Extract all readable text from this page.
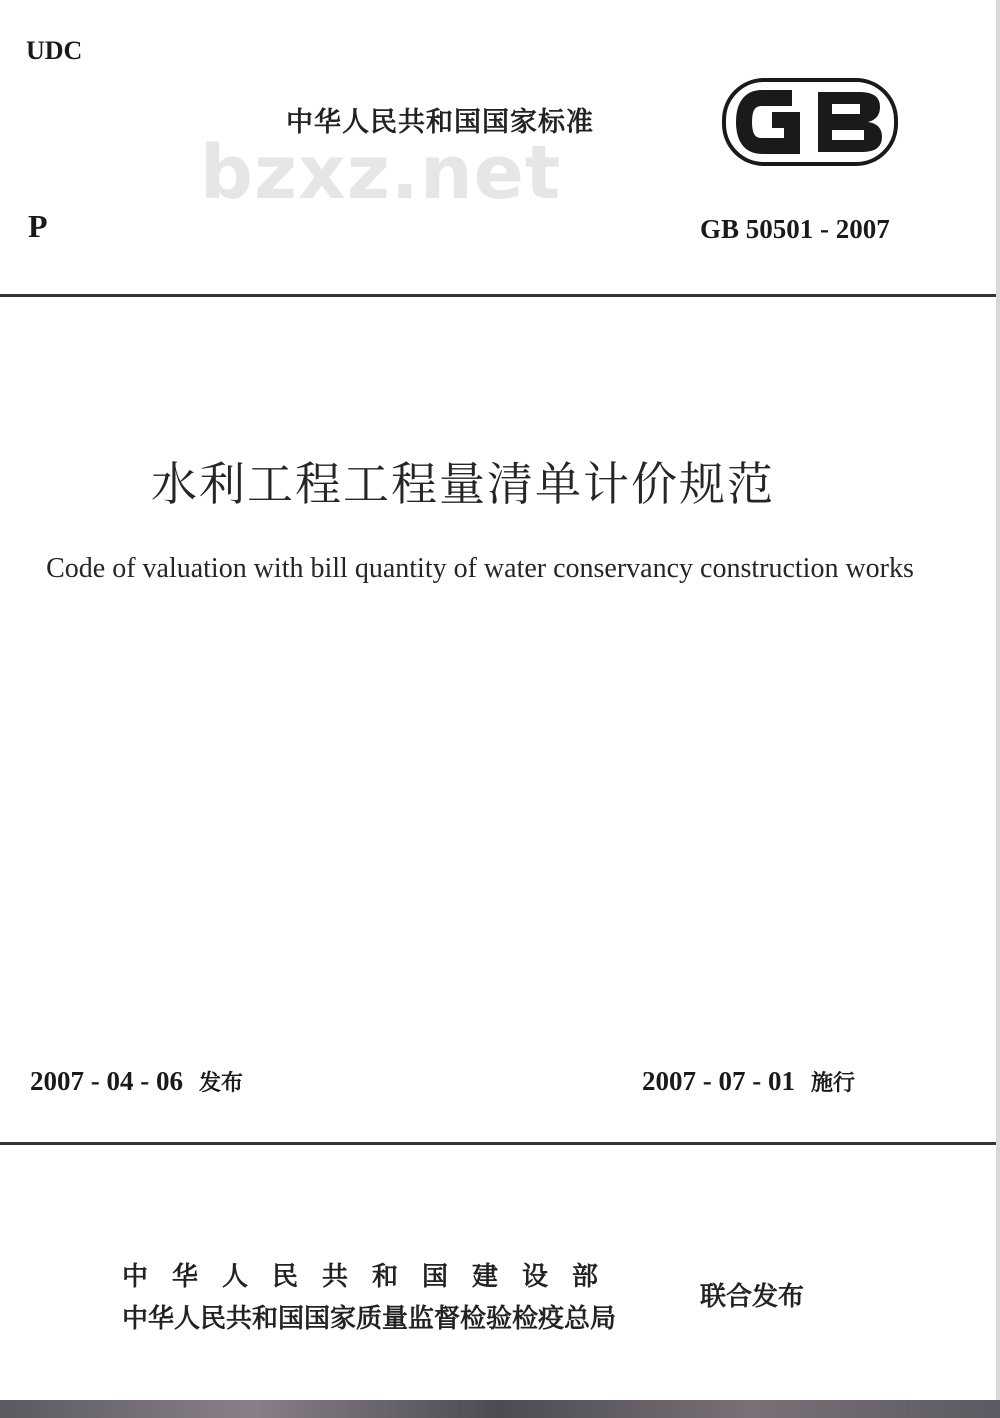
UDC
中华人民共和国国家标准
bzxz.net
P	GB 50501 - 2007
水利工程工程量清单计价规范
Code of valuation with bill quantity of water conservancy construction works
2007 - 04 - 06 发布	2007 - 07 - 01 施行
中华人民共和国建设部
中华人民共和国国家质量监督检验检疫总局
联合发布
